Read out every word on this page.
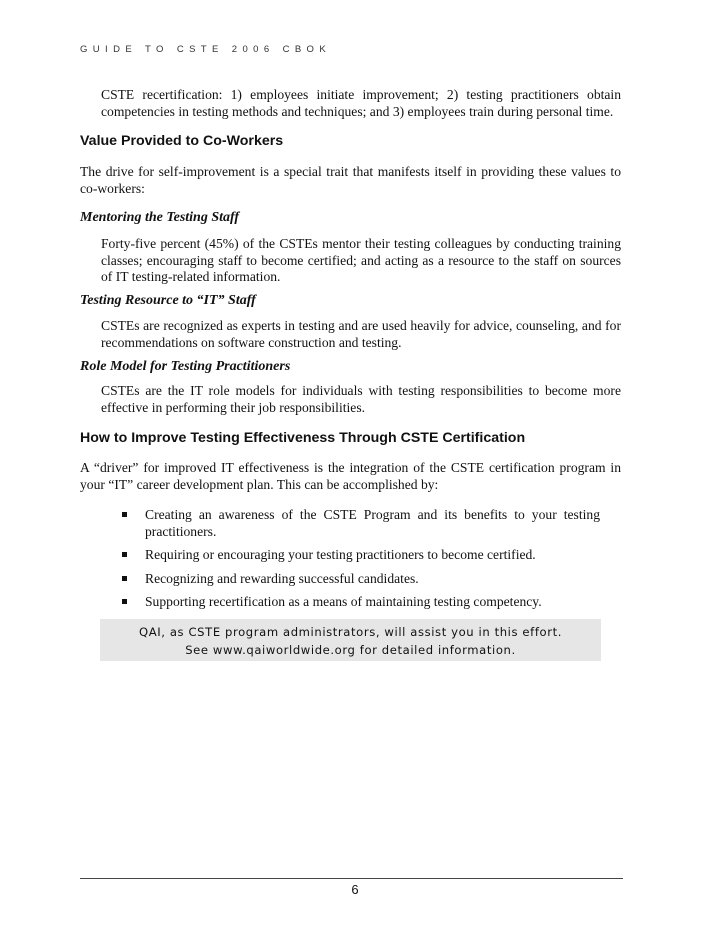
GUIDE TO CSTE 2006 CBOK
CSTE recertification: 1) employees initiate improvement; 2) testing practitioners obtain competencies in testing methods and techniques; and 3) employees train during personal time.
Value Provided to Co-Workers
The drive for self-improvement is a special trait that manifests itself in providing these values to co-workers:
Mentoring the Testing Staff
Forty-five percent (45%) of the CSTEs mentor their testing colleagues by conducting training classes; encouraging staff to become certified; and acting as a resource to the staff on sources of IT testing-related information.
Testing Resource to “IT” Staff
CSTEs are recognized as experts in testing and are used heavily for advice, counseling, and for recommendations on software construction and testing.
Role Model for Testing Practitioners
CSTEs are the IT role models for individuals with testing responsibilities to become more effective in performing their job responsibilities.
How to Improve Testing Effectiveness Through CSTE Certification
A “driver” for improved IT effectiveness is the integration of the CSTE certification program in your “IT” career development plan. This can be accomplished by:
Creating an awareness of the CSTE Program and its benefits to your testing practitioners.
Requiring or encouraging your testing practitioners to become certified.
Recognizing and rewarding successful candidates.
Supporting recertification as a means of maintaining testing competency.
QAI, as CSTE program administrators, will assist you in this effort.
See www.qaiworldwide.org for detailed information.
6
